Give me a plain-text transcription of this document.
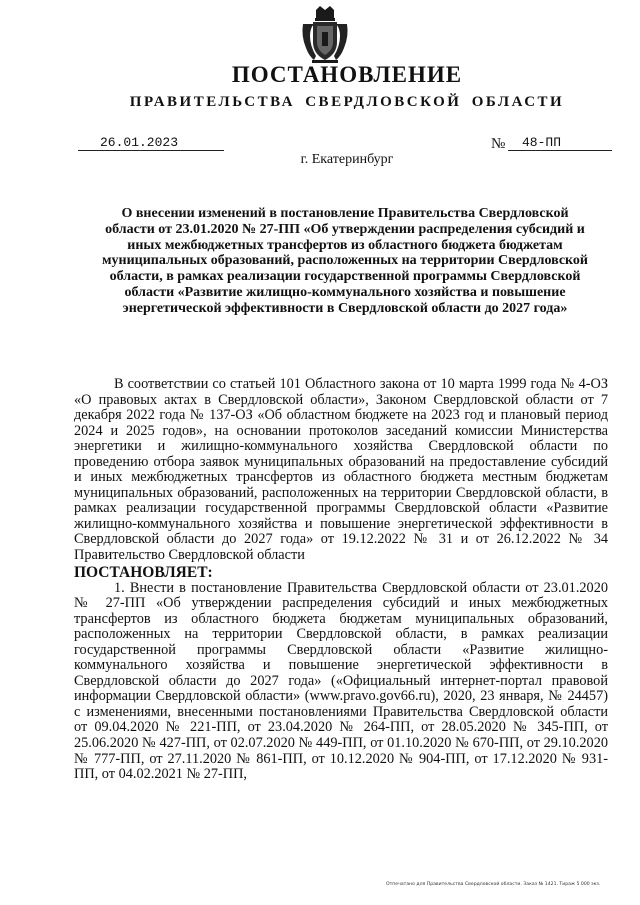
ПОСТАНОВЛЕНИЕ
ПРАВИТЕЛЬСТВА СВЕРДЛОВСКОЙ ОБЛАСТИ
26.01.2023	№	48-ПП
г. Екатеринбург
О внесении изменений в постановление Правительства Свердловской области от 23.01.2020 № 27-ПП «Об утверждении распределения субсидий и иных межбюджетных трансфертов из областного бюджета бюджетам муниципальных образований, расположенных на территории Свердловской области, в рамках реализации государственной программы Свердловской области «Развитие жилищно-коммунального хозяйства и повышение энергетической эффективности в Свердловской области до 2027 года»

В соответствии со статьей 101 Областного закона от 10 марта 1999 года № 4-ОЗ «О правовых актах в Свердловской области», Законом Свердловской области от 7 декабря 2022 года № 137-ОЗ «Об областном бюджете на 2023 год и плановый период 2024 и 2025 годов», на основании протоколов заседаний комиссии Министерства энергетики и жилищно-коммунального хозяйства Свердловской области по проведению отбора заявок муниципальных образований на предоставление субсидий и иных межбюджетных трансфертов из областного бюджета местным бюджетам муниципальных образований, расположенных на территории Свердловской области, в рамках реализации государственной программы Свердловской области «Развитие жилищно-коммунального хозяйства и повышение энергетической эффективности в Свердловской области до 2027 года» от 19.12.2022 № 31 и от 26.12.2022 № 34 Правительство Свердловской области

ПОСТАНОВЛЯЕТ:

1. Внести в постановление Правительства Свердловской области от 23.01.2020 № 27-ПП «Об утверждении распределения субсидий и иных межбюджетных трансфертов из областного бюджета бюджетам муниципальных образований, расположенных на территории Свердловской области, в рамках реализации государственной программы Свердловской области «Развитие жилищно-коммунального хозяйства и повышение энергетической эффективности в Свердловской области до 2027 года» («Официальный интернет-портал правовой информации Свердловской области» (www.pravo.gov66.ru), 2020, 23 января, № 24457) с изменениями, внесенными постановлениями Правительства Свердловской области от 09.04.2020 № 221-ПП, от 23.04.2020 № 264-ПП, от 28.05.2020 № 345-ПП, от 25.06.2020 № 427-ПП, от 02.07.2020 № 449-ПП, от 01.10.2020 № 670-ПП, от 29.10.2020 № 777-ПП, от 27.11.2020 № 861-ПП, от 10.12.2020 № 904-ПП, от 17.12.2020 № 931-ПП, от 04.02.2021 № 27-ПП,

Отпечатано для Правительства Свердловской области. Заказ № 1421. Тираж 5 000 экз.
